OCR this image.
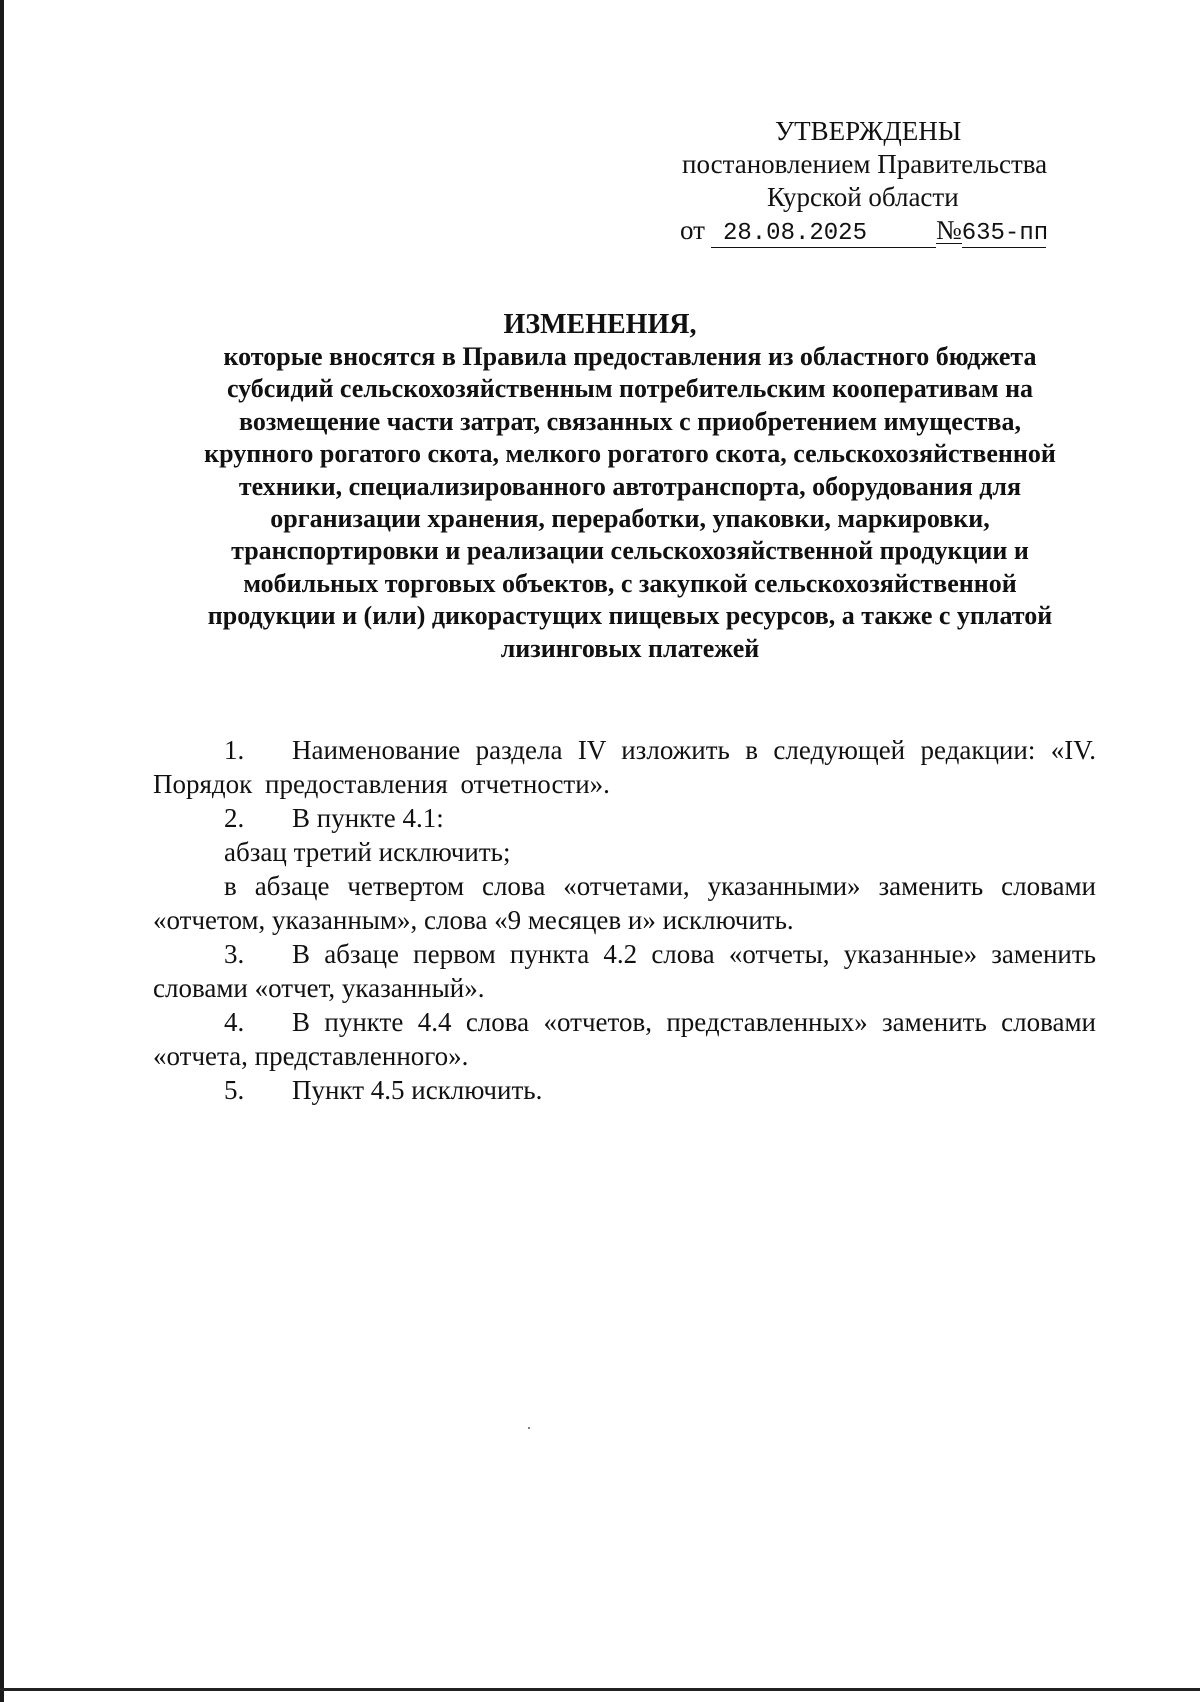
УТВЕРЖДЕНЫ
постановлением Правительства
Курской области
от 28.08.2025	№ 635-пп
ИЗМЕНЕНИЯ,
которые вносятся в Правила предоставления из областного бюджета
субсидий сельскохозяйственным потребительским кооперативам на
возмещение части затрат, связанных с приобретением имущества,
крупного рогатого скота, мелкого рогатого скота, сельскохозяйственной
техники, специализированного автотранспорта, оборудования для
организации хранения, переработки, упаковки, маркировки,
транспортировки и реализации сельскохозяйственной продукции и
мобильных торговых объектов, с закупкой сельскохозяйственной
продукции и (или) дикорастущих пищевых ресурсов, а также с уплатой
лизинговых платежей

1. Наименование раздела IV изложить в следующей редакции: «IV. Порядок предоставления отчетности».

2. В пункте 4.1:

абзац третий исключить;

в абзаце четвертом слова «отчетами, указанными» заменить словами «отчетом, указанным», слова «9 месяцев и» исключить.

3. В абзаце первом пункта 4.2 слова «отчеты, указанные» заменить словами «отчет, указанный».

4. В пункте 4.4 слова «отчетов, представленных» заменить словами «отчета, представленного».

5. Пункт 4.5 исключить.
